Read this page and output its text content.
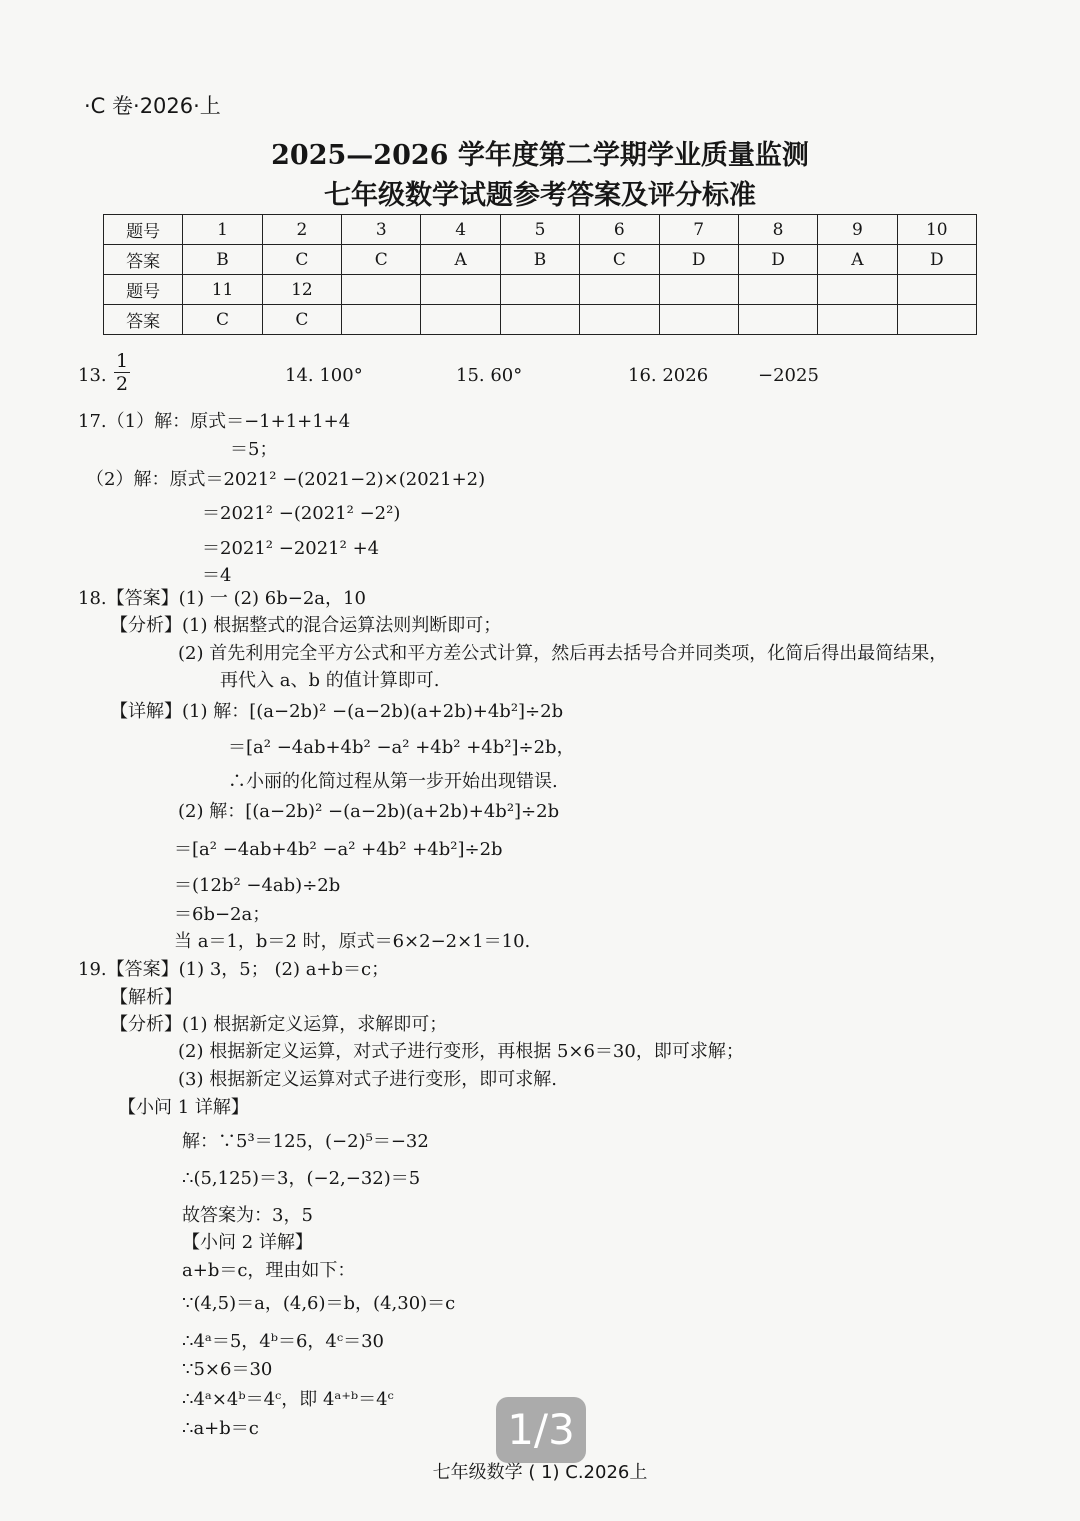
·C 卷·2026·上
2025—2026 学年度第二学期学业质量监测
七年级数学试题参考答案及评分标准
题号	1	2	3	4	5	6	7	8	9	10
答案	B	C	C	A	B	C	D	D	A	D
题号	11	12								
答案	C	C								
13. $\frac{1}{2}$	14. 100°	15. 60°	16. 2026	−2025
17.（1）解：原式＝−1+1+1+4
＝5；
（2）解：原式＝2021² −(2021−2)×(2021+2)
＝2021² −(2021² −2²)
＝2021² −2021² +4
＝4
18.【答案】(1) 一 (2) 6b−2a，10
【分析】(1) 根据整式的混合运算法则判断即可；
(2) 首先利用完全平方公式和平方差公式计算，然后再去括号合并同类项，化简后得出最简结果，
再代入 a、b 的值计算即可.
【详解】(1) 解：[(a−2b)² −(a−2b)(a+2b)+4b²]÷2b
＝[a² −4ab+4b² −a² +4b² +4b²]÷2b，
∴小丽的化简过程从第一步开始出现错误.
(2) 解：[(a−2b)² −(a−2b)(a+2b)+4b²]÷2b
＝[a² −4ab+4b² −a² +4b² +4b²]÷2b
＝(12b² −4ab)÷2b
＝6b−2a；
当 a＝1，b＝2 时，原式＝6×2−2×1＝10.
19.【答案】(1) 3，5； (2) a+b＝c；
【解析】
【分析】(1) 根据新定义运算，求解即可；
(2) 根据新定义运算，对式子进行变形，再根据 5×6＝30，即可求解；
(3) 根据新定义运算对式子进行变形，即可求解.
【小问 1 详解】
解：∵5³＝125，(−2)⁵＝−32
∴(5,125)＝3，(−2,−32)＝5
故答案为：3，5
【小问 2 详解】
a+b＝c，理由如下：
∵(4,5)＝a，(4,6)＝b，(4,30)＝c
∴4ᵃ＝5，4ᵇ＝6，4ᶜ＝30
∵5×6＝30
∴4ᵃ×4ᵇ＝4ᶜ，即 4ᵃ⁺ᵇ＝4ᶜ
∴a+b＝c	1/3
七年级数学 ( 1) C.2026上
